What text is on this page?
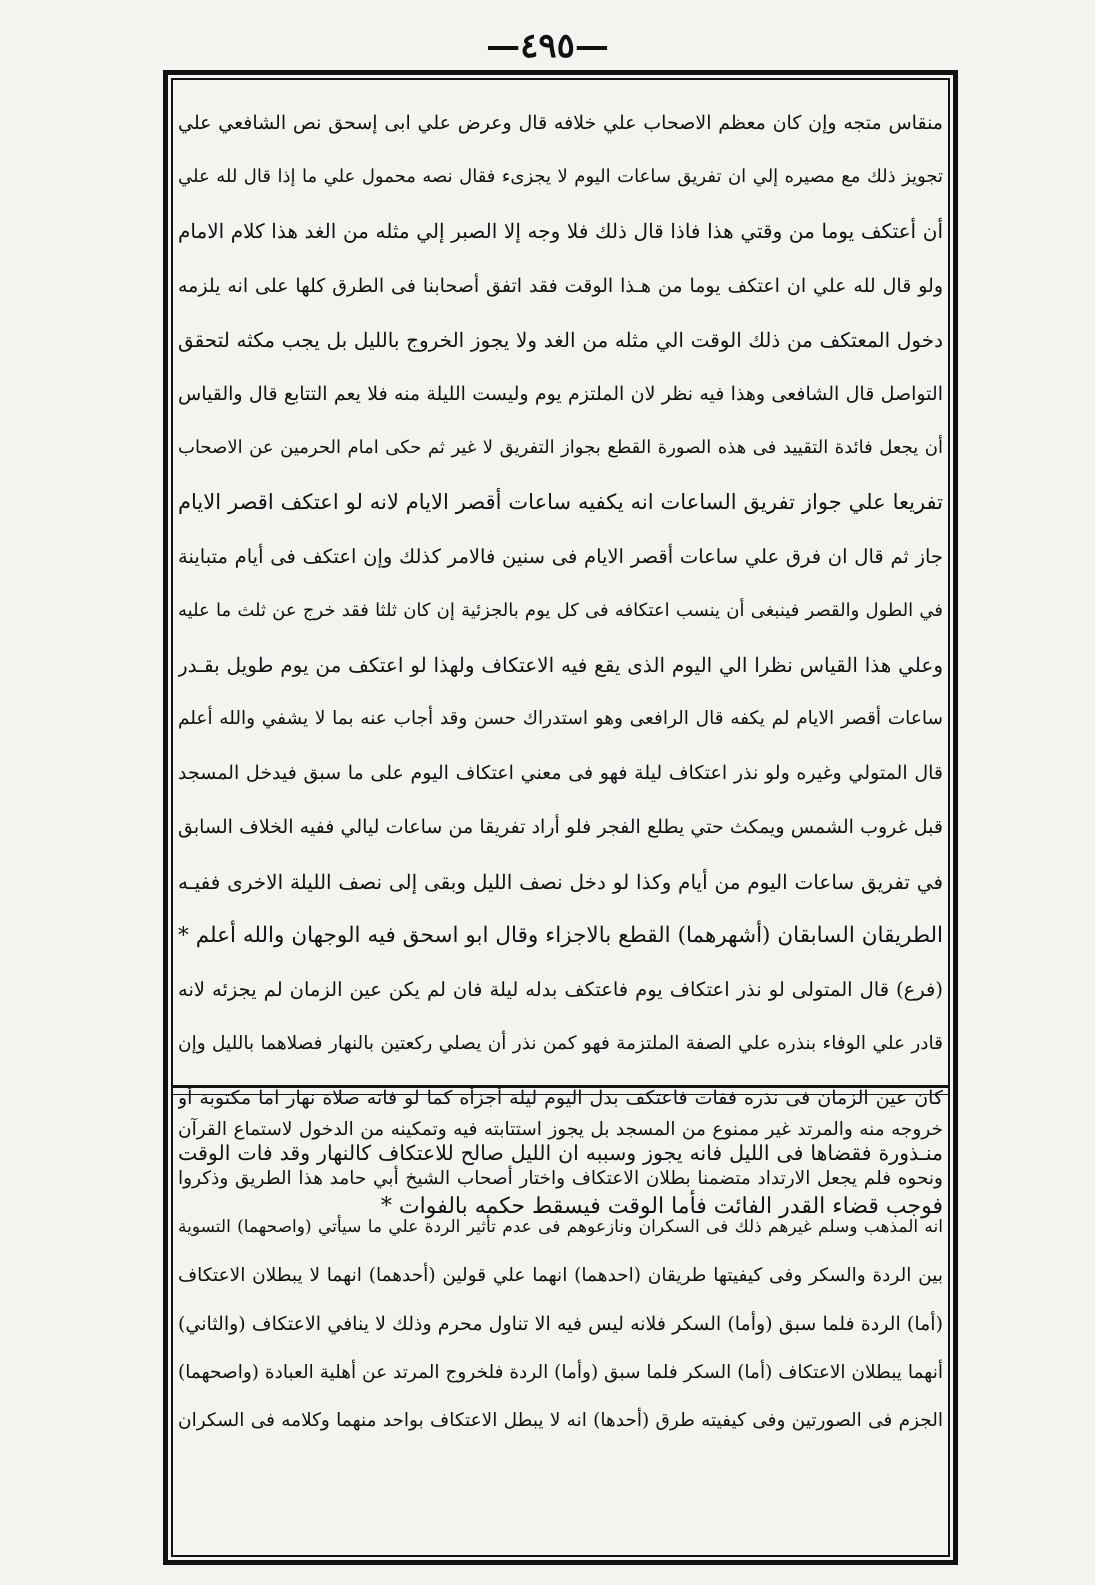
—٤٩٥—
منقاس متجه وإن كان معظم الاصحاب علي خلافه قال وعرض علي ابى إسحق نص الشافعي علي
تجويز ذلك مع مصيره إلي ان تفريق ساعات اليوم لا يجزىء فقال نصه محمول علي ما إذا قال لله علي
أن أعتكف يوما من وقتي هذا فاذا قال ذلك فلا وجه إلا الصبر إلي مثله من الغد هذا كلام الامام
ولو قال لله علي ان اعتكف يوما من هـذا الوقت فقد اتفق أصحابنا فى الطرق كلها على انه يلزمه
دخول المعتكف من ذلك الوقت الي مثله من الغد ولا يجوز الخروج بالليل بل يجب مكثه لتحقق
التواصل قال الشافعى وهذا فيه نظر لان الملتزم يوم وليست الليلة منه فلا يعم التتابع قال والقياس
أن يجعل فائدة التقييد فى هذه الصورة القطع بجواز التفريق لا غير ثم حكى امام الحرمين عن الاصحاب
تفريعا علي جواز تفريق الساعات انه يكفيه ساعات أقصر الايام لانه لو اعتكف اقصر الايام
جاز ثم قال ان فرق علي ساعات أقصر الايام فى سنين فالامر كذلك وإن اعتكف فى أيام متباينة
في الطول والقصر فينبغى أن ينسب اعتكافه فى كل يوم بالجزئية إن كان ثلثا فقد خرج عن ثلث ما عليه
وعلي هذا القياس نظرا الي اليوم الذى يقع فيه الاعتكاف ولهذا لو اعتكف من يوم طويل بقـدر
ساعات أقصر الايام لم يكفه قال الرافعى وهو استدراك حسن وقد أجاب عنه بما لا يشفي والله أعلم
قال المتولي وغيره ولو نذر اعتكاف ليلة فهو فى معني اعتكاف اليوم على ما سبق فيدخل المسجد
قبل غروب الشمس ويمكث حتي يطلع الفجر فلو أراد تفريقا من ساعات ليالي ففيه الخلاف السابق
في تفريق ساعات اليوم من أيام وكذا لو دخل نصف الليل وبقى إلى نصف الليلة الاخرى ففيـه
الطريقان السابقان (أشهرهما) القطع بالاجزاء وقال ابو اسحق فيه الوجهان والله أعلم *
(فرع) قال المتولى لو نذر اعتكاف يوم فاعتكف بدله ليلة فان لم يكن عين الزمان لم يجزئه لانه
قادر علي الوفاء بنذره علي الصفة الملتزمة فهو كمن نذر أن يصلي ركعتين بالنهار فصلاهما بالليل وإن
كان عين الزمان فى نذره ففات فاعتكف بدل اليوم ليلة أجزأه كما لو فاته صلاة نهار اما مكتوبة أو
منـذورة فقضاها فى الليل فانه يجوز وسببه ان الليل صالح للاعتكاف كالنهار وقد فات الوقت
فوجب قضاء القدر الفائت فأما الوقت فيسقط حكمه بالفوات *
خروجه منه والمرتد غير ممنوع من المسجد بل يجوز استتابته فيه وتمكينه من الدخول لاستماع القرآن
ونحوه فلم يجعل الارتداد متضمنا بطلان الاعتكاف واختار أصحاب الشيخ أبي حامد هذا الطريق وذكروا
انه المذهب وسلم غيرهم ذلك فى السكران ونازعوهم فى عدم تأثير الردة علي ما سيأتي (واصحهما) التسوية
بين الردة والسكر وفى كيفيتها طريقان (احدهما) انهما علي قولين (أحدهما) انهما لا يبطلان الاعتكاف
(أما) الردة فلما سبق (وأما) السكر فلانه ليس فيه الا تناول محرم وذلك لا ينافي الاعتكاف (والثاني)
أنهما يبطلان الاعتكاف (أما) السكر فلما سبق (وأما) الردة فلخروج المرتد عن أهلية العبادة (واصحهما)
الجزم فى الصورتين وفى كيفيته طرق (أحدها) انه لا يبطل الاعتكاف بواحد منهما وكلامه فى السكران
